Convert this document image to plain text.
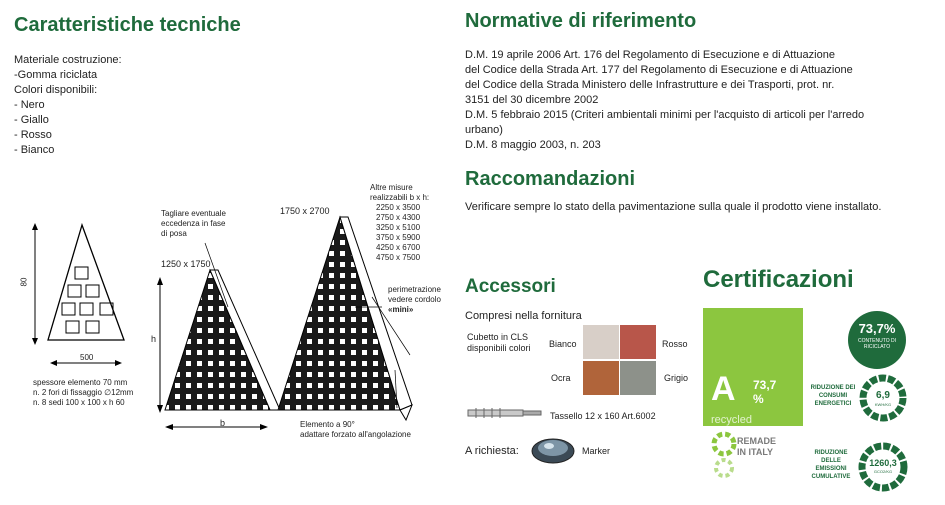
Caratteristiche tecniche
Materiale costruzione:
-Gomma riciclata
Colori disponibili:
- Nero
- Giallo
- Rosso
- Bianco
80
500
spessore elemento 70 mm
n. 2 fori di fissaggio ∅12mm
n. 8 sedi 100 x 100 x h 60
1250 x 1750
1750 x 2700
h
b
Tagliare eventuale
eccedenza in fase
di posa
Altre misure
realizzabili b x h:
2250 x 3500
2750 x 4300
3250 x 5100
3750 x 5900
4250 x 6700
4750 x 7500
perimetrazione
vedere cordolo
«mini»
Elemento a 90°
adattare forzato all'angolazione
Normative di riferimento
D.M. 19 aprile 2006 Art. 176 del Regolamento di Esecuzione e di Attuazione
del Codice della Strada Art. 177 del Regolamento di Esecuzione e di Attuazione
del Codice della Strada Ministero delle Infrastrutture e dei Trasporti, prot. nr.
3151 del 30 dicembre 2002
D.M. 5 febbraio 2015 (Criteri ambientali minimi per l'acquisto di articoli per l'arredo
urbano)
D.M. 8 maggio 2003, n. 203
Raccomandazioni
Verificare sempre lo stato della pavimentazione sulla quale il prodotto viene installato.
Accessori
Compresi nella fornitura
Cubetto in CLS
disponibili colori Bianco	Rosso
Ocra	Grigio
Tassello 12 x 160 Art.6002
A richiesta:	Marker
Certificazioni
A 73,7
%
recycled
REMADE
IN ITALY
73,7%
CONTENUTO DI
RICICLATO
RIDUZIONE DEI
CONSUMI
ENERGETICI
6,9
KWH/KG
RIDUZIONE DELLE
EMISSIONI
CUMULATIVE
1260,3
GCO2/KG
